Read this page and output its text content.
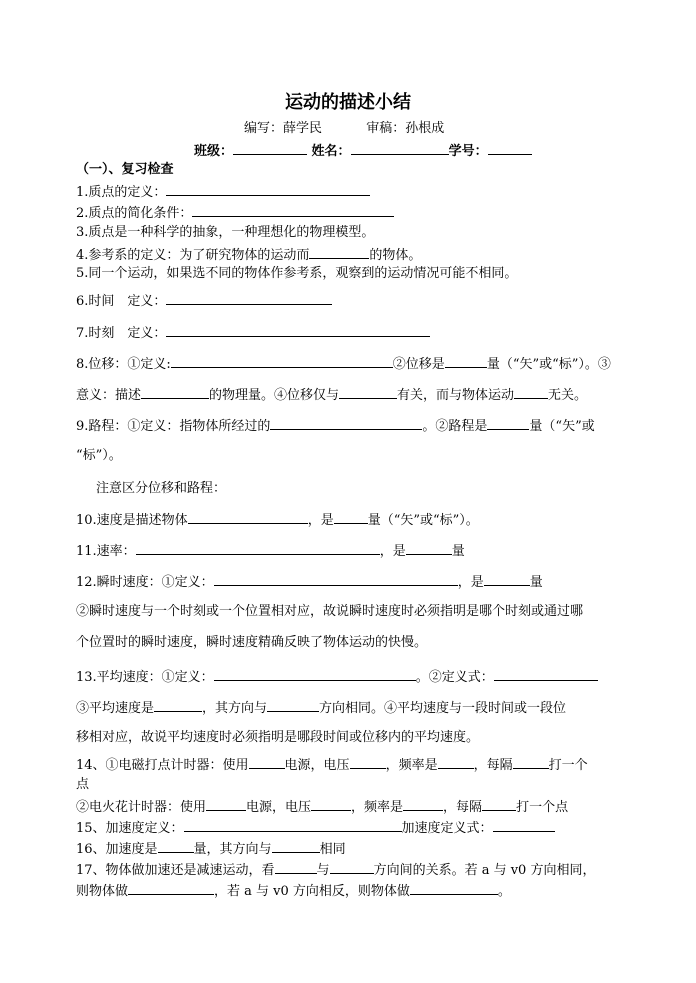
运动的描述小结
编写：薛学民	审稿：孙根成
班级：	姓名：	学号：
（一）、复习检查
1.质点的定义：
2.质点的简化条件：
3.质点是一种科学的抽象，一种理想化的物理模型。
4.参考系的定义：为了研究物体的运动而	的物体。
5.同一个运动，如果选不同的物体作参考系，观察到的运动情况可能不相同。
6.时间　定义：
7.时刻　定义：
8.位移：①定义:	②位移是	量（“矢”或“标”）。③
意义：描述	的物理量。④位移仅与	有关，而与物体运动	无关。
9.路程：①定义：指物体所经过的	。②路程是	量（“矢”或
“标”）。
注意区分位移和路程：
10.速度是描述物体	，是	量（“矢”或“标”）。
11.速率：	，是	量
12.瞬时速度：①定义：	，是	量
②瞬时速度与一个时刻或一个位置相对应，故说瞬时速度时必须指明是哪个时刻或通过哪
个位置时的瞬时速度，瞬时速度精确反映了物体运动的快慢。
13.平均速度：①定义：	。②定义式：
③平均速度是	，其方向与	方向相同。④平均速度与一段时间或一段位
移相对应，故说平均速度时必须指明是哪段时间或位移内的平均速度。
14、①电磁打点计时器：使用	电源，电压	，频率是	，每隔	打一个
点
②电火花计时器：使用	电源，电压	，频率是	，每隔	打一个点
15、加速度定义：	加速度定义式：
16、加速度是	量，其方向与	相同
17、物体做加速还是减速运动，看	与	方向间的关系。若 a 与 v0 方向相同，
则物体做	，若 a 与 v0 方向相反，则物体做	。
